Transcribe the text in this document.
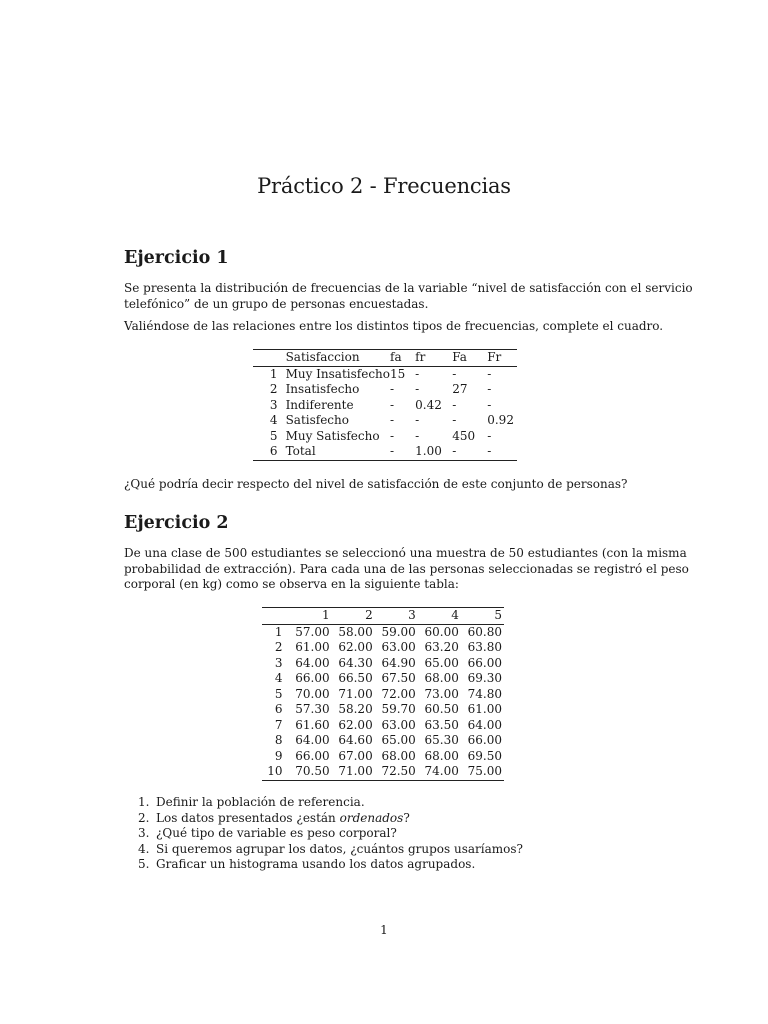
Práctico 2 - Frecuencias
Ejercicio 1
Se presenta la distribución de frecuencias de la variable “nivel de satisfacción con el servicio
telefónico” de un grupo de personas encuestadas.
Valiéndose de las relaciones entre los distintos tipos de frecuencias, complete el cuadro.
	Satisfaccion	fa	fr	Fa	Fr
1	Muy Insatisfecho	15	-	-	-
2	Insatisfecho	-	-	27	-
3	Indiferente	-	0.42	-	-
4	Satisfecho	-	-	-	0.92
5	Muy Satisfecho	-	-	450	-
6	Total	-	1.00	-	-
¿Qué podría decir respecto del nivel de satisfacción de este conjunto de personas?
Ejercicio 2
De una clase de 500 estudiantes se seleccionó una muestra de 50 estudiantes (con la misma
probabilidad de extracción). Para cada una de las personas seleccionadas se registró el peso
corporal (en kg) como se observa en la siguiente tabla:
	1	2	3	4	5
1	57.00	58.00	59.00	60.00	60.80
2	61.00	62.00	63.00	63.20	63.80
3	64.00	64.30	64.90	65.00	66.00
4	66.00	66.50	67.50	68.00	69.30
5	70.00	71.00	72.00	73.00	74.80
6	57.30	58.20	59.70	60.50	61.00
7	61.60	62.00	63.00	63.50	64.00
8	64.00	64.60	65.00	65.30	66.00
9	66.00	67.00	68.00	68.00	69.50
10	70.50	71.00	72.50	74.00	75.00
1. Definir la población de referencia.
2. Los datos presentados ¿están ordenados?
3. ¿Qué tipo de variable es peso corporal?
4. Si queremos agrupar los datos, ¿cuántos grupos usaríamos?
5. Graficar un histograma usando los datos agrupados.
1
